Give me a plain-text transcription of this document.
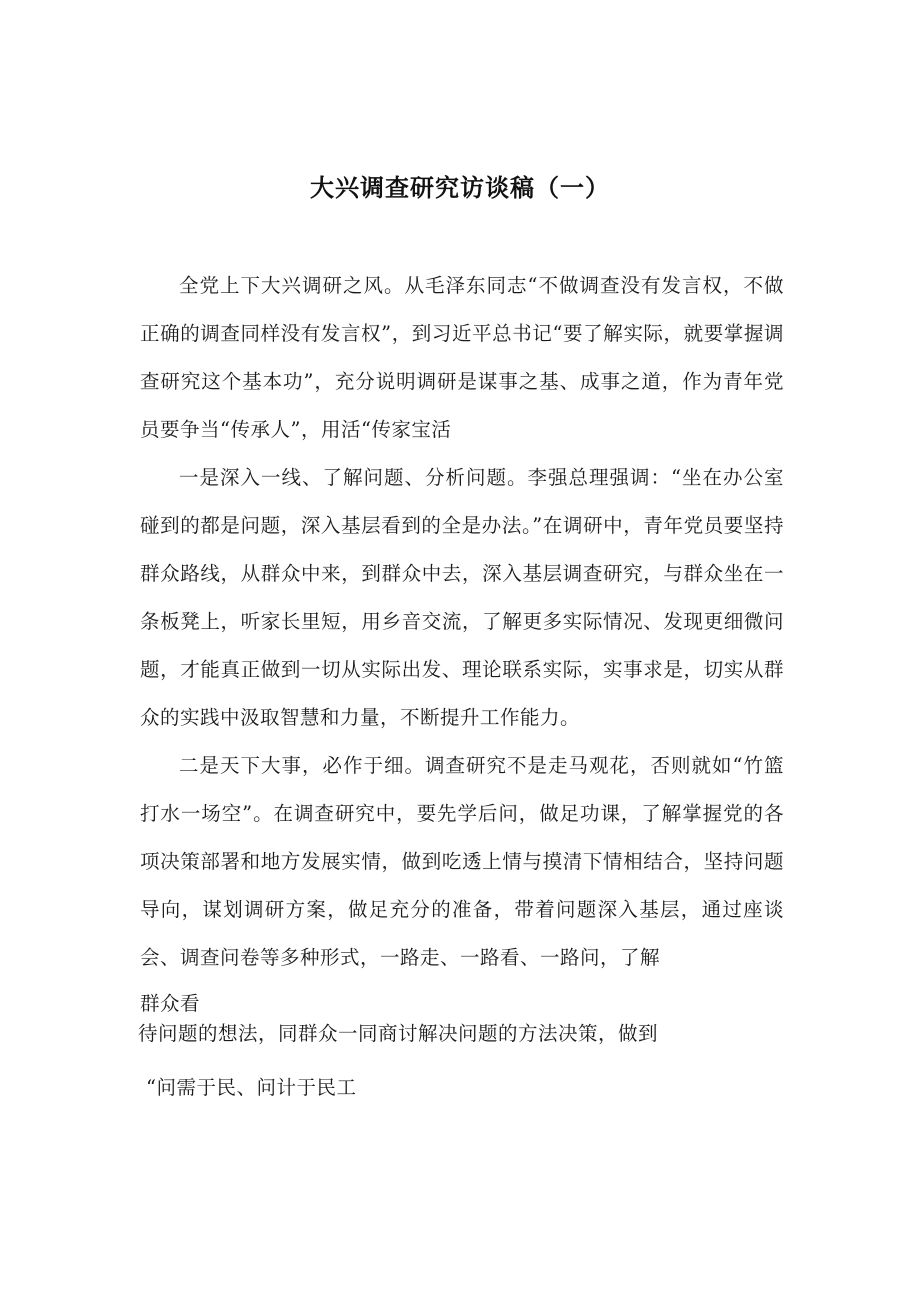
大兴调查研究访谈稿（一）

全党上下大兴调研之风。从毛泽东同志“不做调查没有发言权，不做正确的调查同样没有发言权”，到习近平总书记“要了解实际，就要掌握调查研究这个基本功”，充分说明调研是谋事之基、成事之道，作为青年党员要争当“传承人”，用活“传家宝活

一是深入一线、了解问题、分析问题。李强总理强调：“坐在办公室碰到的都是问题，深入基层看到的全是办法。”在调研中，青年党员要坚持群众路线，从群众中来，到群众中去，深入基层调查研究，与群众坐在一条板凳上，听家长里短，用乡音交流，了解更多实际情况、发现更细微问题，才能真正做到一切从实际出发、理论联系实际，实事求是，切实从群众的实践中汲取智慧和力量，不断提升工作能力。

二是天下大事，必作于细。调查研究不是走马观花，否则就如“竹篮打水一场空”。在调查研究中，要先学后问，做足功课，了解掌握党的各项决策部署和地方发展实情，做到吃透上情与摸清下情相结合，坚持问题导向，谋划调研方案，做足充分的准备，带着问题深入基层，通过座谈会、调查问卷等多种形式，一路走、一路看、一路问，了解

群众看

待问题的想法，同群众一同商讨解决问题的方法决策，做到

“问需于民、问计于民工
